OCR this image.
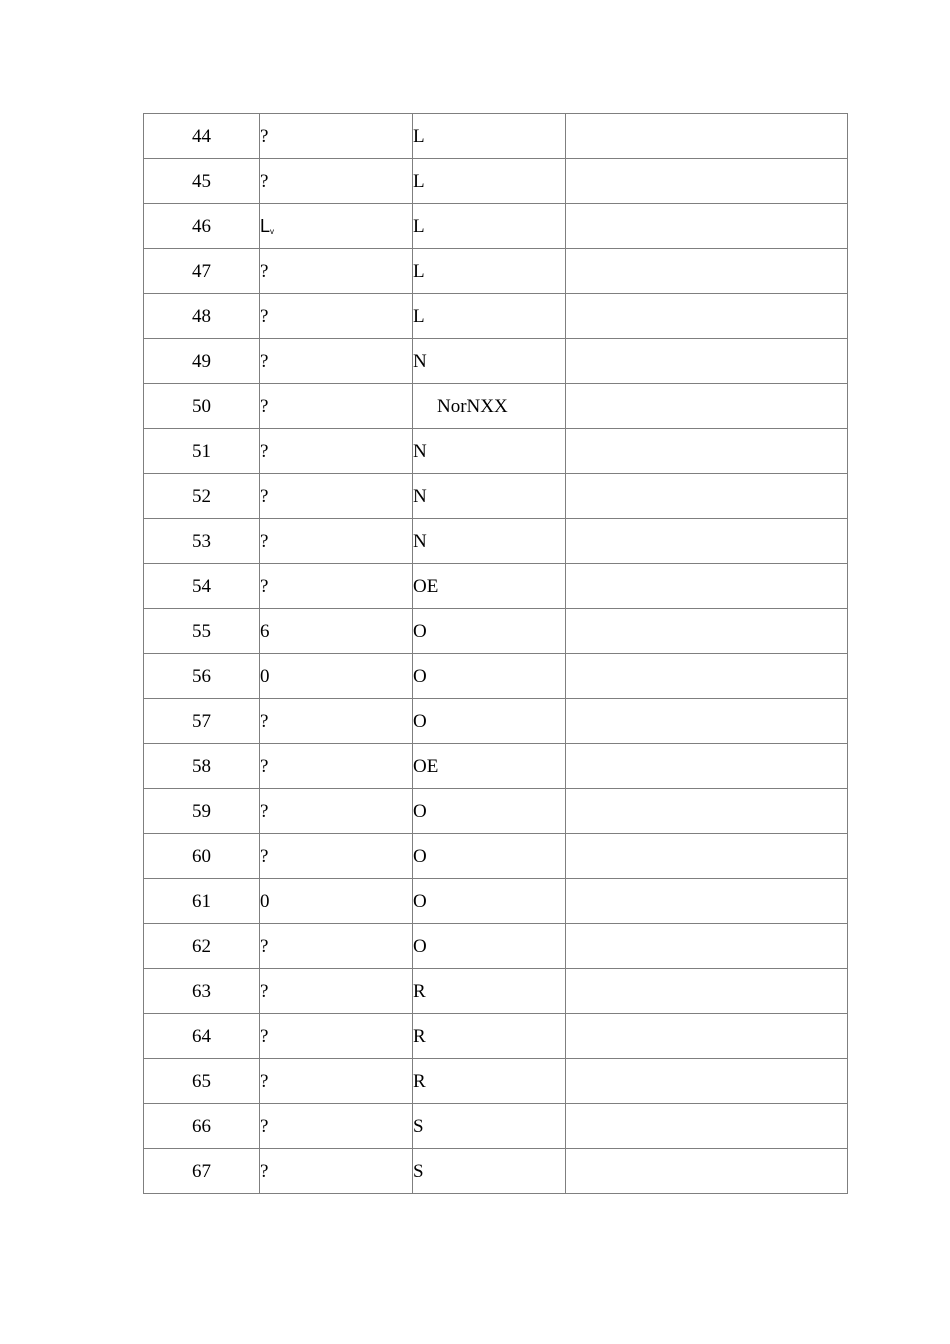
44	?	L	
45	?	L	
46	Lv	L	
47	?	L	
48	?	L	
49	?	N	
50	?	NorNXX	
51	?	N	
52	?	N	
53	?	N	
54	?	OE	
55	6	O	
56	0	O	
57	?	O	
58	?	OE	
59	?	O	
60	?	O	
61	0	O	
62	?	O	
63	?	R	
64	?	R	
65	?	R	
66	?	S	
67	?	S	
